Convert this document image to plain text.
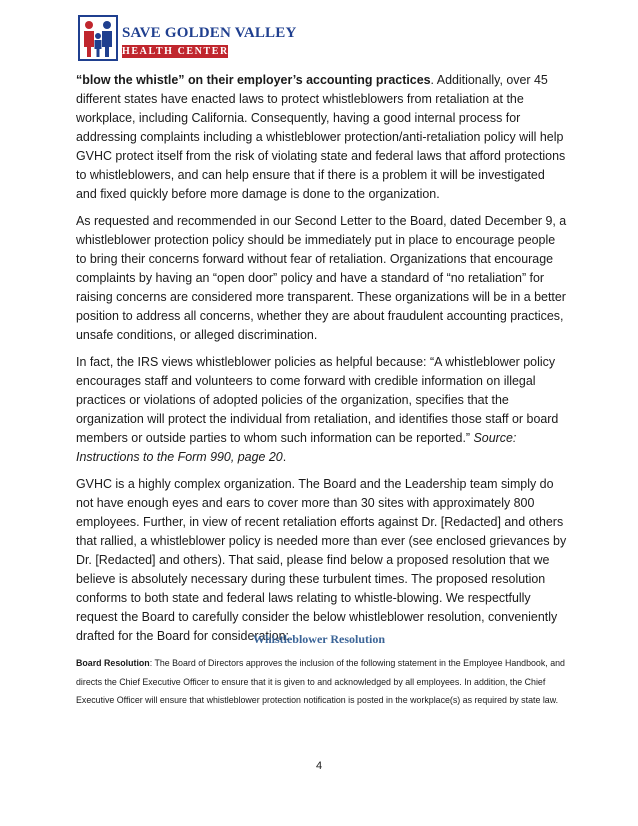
SAVE GOLDEN VALLEY
HEALTH CENTERS

“blow the whistle” on their employer’s accounting practices. Additionally, over 45 different states have enacted laws to protect whistleblowers from retaliation at the workplace, including California. Consequently, having a good internal process for addressing complaints including a whistleblower protection/anti-retaliation policy will help GVHC protect itself from the risk of violating state and federal laws that afford protections to whistleblowers, and can help ensure that if there is a problem it will be investigated and fixed quickly before more damage is done to the organization.

As requested and recommended in our Second Letter to the Board, dated December 9, a whistleblower protection policy should be immediately put in place to encourage people to bring their concerns forward without fear of retaliation. Organizations that encourage complaints by having an “open door” policy and have a standard of “no retaliation” for raising concerns are considered more transparent. These organizations will be in a better position to address all concerns, whether they are about fraudulent accounting practices, unsafe conditions, or alleged discrimination.

In fact, the IRS views whistleblower policies as helpful because: “A whistleblower policy encourages staff and volunteers to come forward with credible information on illegal practices or violations of adopted policies of the organization, specifies that the organization will protect the individual from retaliation, and identifies those staff or board members or outside parties to whom such information can be reported.” Source: Instructions to the Form 990, page 20.

GVHC is a highly complex organization. The Board and the Leadership team simply do not have enough eyes and ears to cover more than 30 sites with approximately 800 employees. Further, in view of recent retaliation efforts against Dr. [Redacted] and others that rallied, a whistleblower policy is needed more than ever (see enclosed grievances by Dr. [Redacted] and others). That said, please find below a proposed resolution that we believe is absolutely necessary during these turbulent times. The proposed resolution conforms to both state and federal laws relating to whistle-blowing. We respectfully request the Board to carefully consider the below whistleblower resolution, conveniently drafted for the Board for consideration:

Whistleblower Resolution

Board Resolution: The Board of Directors approves the inclusion of the following statement in the Employee Handbook, and directs the Chief Executive Officer to ensure that it is given to and acknowledged by all employees. In addition, the Chief Executive Officer will ensure that whistleblower protection notification is posted in the workplace(s) as required by state law.

4
